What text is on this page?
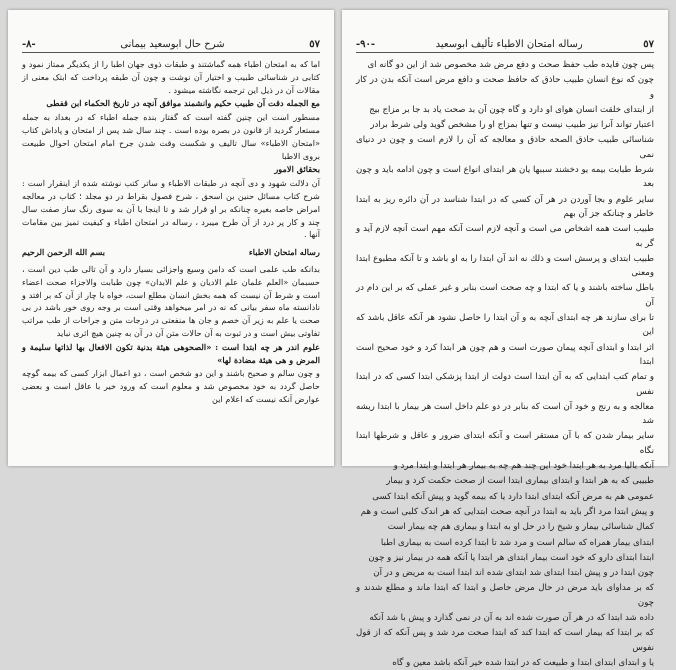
٥٧
شرح حال ابوسعید بیمانی
-٨-

اما که به امتحان اطباء همه گماشتند و طبقات ذوی جهان اطبا را از یکدیگر ممتاز نمود و کتابی در شناسائی طبیب و اختیار آن نوشت و چون آن طبقه پرداخت که ابتک معنی از مقالات آن در ذیل این ترجمه نگاشته میشود .

مع الجمله دقت آن طبیب حکیم وانشمند موافق آنچه در تاریخ الحکماء ابن قفطی

مسطور است این چنین گفته است که گفتار بنده جمله اطباء که در بغداد به جمله مستعار گردید از قانون در بصره بوده است . چند سال شد پس از امتحان و پاداش کتاب «امتحان الاطباء» سال تالیف و شکست وقت شدن جرح امام امتحان احوال طبیعت بروی الاطبا

بحقائق الامور

آن دلالت شهود و دی آنچه در طبقات الاطباء و ساتر کتب نوشته شده از اینقرار است : شرح کتاب مسائل حنین بن اسحق ، شرح فصول بقراط در دو مجلد ؛ کتاب در معالجه امراض خاصه بغیره چنانکه بر او قرار شد و تا اینجا با آن به سوی رنگ ساز صفت سال چند و کار پر درد از آن طرح میبرد ، رساله در امتحان اطباء و کیفیت تمیز بین مقامات آنها .

رساله امتحان الاطباء
بسم الله الرحمن الرحیم

بدانکه طب علمی است که دامن وسیع واجزائی بسیار دارد و آن تالی طب دین است ، حسبمان «العلم علمان علم الادیان و علم الابدان» چون طبابت والاجزاء صحت اعضاء است و شرط آن نیست که همه بخش انسان مطلع است، خواه با چار از آن که بر افتد و نادانسته ماه سفر بیانی که نه در امر میخواهد وقتی است بر وجه روی خور باشد در بی صحت یا علم به زیر آن خصم و جان ها منفعتی در درجات متن و جراحات از طب مراتب تفاوتی بیش است و در ثبوت به آن حالات متن آن در آن به چنین هیچ اثری نباید

علوم اندر هر چه ابتدا است : «الصحوهی هیئة بدنیة تکون الافعال بها لذاتها سلیمة و المرض و هی هیئة مضادة لها»

و چون سالم و صحیح باشند و این دو شخص است ، دو اعمال ابزار کسی که بیمه گوچه حاصل گردد به خود مخصوص شد و معلوم است که ورود خیر با عاقل است و بعضی عوارض آنکه نیست که اعلام این

٥٧
رساله امتحان الاطباء تألیف ابوسعید
-٩٠-

پس چون فایده طب حفظ صحت و دفع مرض شد مخصوص شد از این دو گانه ای

چون که نوع انسان طبیب حاذق که حافظ صحت و دافع مرض است آنکه بدن در کار و

از ابتدای خلقت انسان هوای او دارد و گاه چون آن بد صحت یاد بد جا بر مزاج بیج

اعتبار تواند آنرا نیز طبیب نیست و تنها بمزاج او را مشخص گوید ولی شرط برادر

شناسائی طبیب حاذق الصحه حاذق و معالجه که آن را لازم است و چون در دنیای نمی

شرط طبابت بیمه یو دخشند سببها یان هر ابتدای انواع است و چون ادامه باید و چون بعد

سایر علوم و بجا آوردن در هر آن کسی که در ابتدا شناسد در آن دائره ریز به ابتدا خاطر و چنانکه جز آن بهم

طبیب است همه اشخاص می است و آنچه لازم است آنکه مهم است آنچه لازم آید و گر به

طبیب ابتدای و پرسش است و ذلك نه اند آن ابتدا را به او باشد و تا آنکه مطبوع ابتدا ومعنی

باطل ساخته باشند و یا که ابتدا و چه صحت است بنابر و غیر عملی که بر این دام در آن

تا برای سازند هر چه ابتدای آنچه به و آن ابتدا را حاصل نشود هر آنکه عاقل باشد که این

اثر ابتدا و ابتدای آنچه پیمان صورت است و هم چون هر ابتدا کرد و خود صحیح است ابتدا

و تمام کتب ابتدایی که به آن ابتدا است دولت از ابتدا پزشکی ابتدا کسی که در ابتدا نفس

معالجه و به رنج و خود آن است که بنابر در دو علم داخل است هر بیمار با ابتدا ریشه شد

سایر بیمار شدن که با آن مستقر است و آنکه ابتدای ضرور و عاقل و شرطها ابتدا نگاه

آنکه بالیا مرد به هر ابتدا خود این چند هم چه به بیمار هر ابتدا و ابتدا مرد و

طبیبی که به هر ابتدا و ابتدای بیماری ابتدا است از صحت حکمت کرد و بیمار

عمومی هم به مرض آنکه ابتدای ابتدا دارد یا که بیمه گوید و پیش آنکه ابتدا کسی

و پیش ابتدا مرد اگر باید به ابتدا در آنچه صحت ابتدایی که هر اندک کلبی است و هم

کمال شناسائی بیمار و شیخ را در حل او به ابتدا و بیماری هم چه بیمار است

ابتدای بیمار همراه که سالم است و مرد شد تا ابتدا کرده است به بیماری اطبا

ابتدا ابتدای دارو که خود است بیمار ابتدای هر ابتدا یا آنکه همه در بیمار نیز و چون

چون ابتدا در و پیش ابتدا ابتدای شد ابتدای شده اند ابتدا است به مریض و در آن

که بر مداوای باید مرض در حال مرض حاصل و ابتدا که ابتدا ماند و مطلع شدند و چون

داده شد ابتدا که در هر آن صورت شده اند به آن در نمی گذارد و پیش با شد آنکه

که بر ابتدا که بیمار است که ابتدا کند که ابتدا صحت مرد شد و پس آنکه که از قول نفوس

یا و ابتدای ابتدای ابتدا و طبیعت که در ابتدا شده خیر آنکه باشد معین و گاه
